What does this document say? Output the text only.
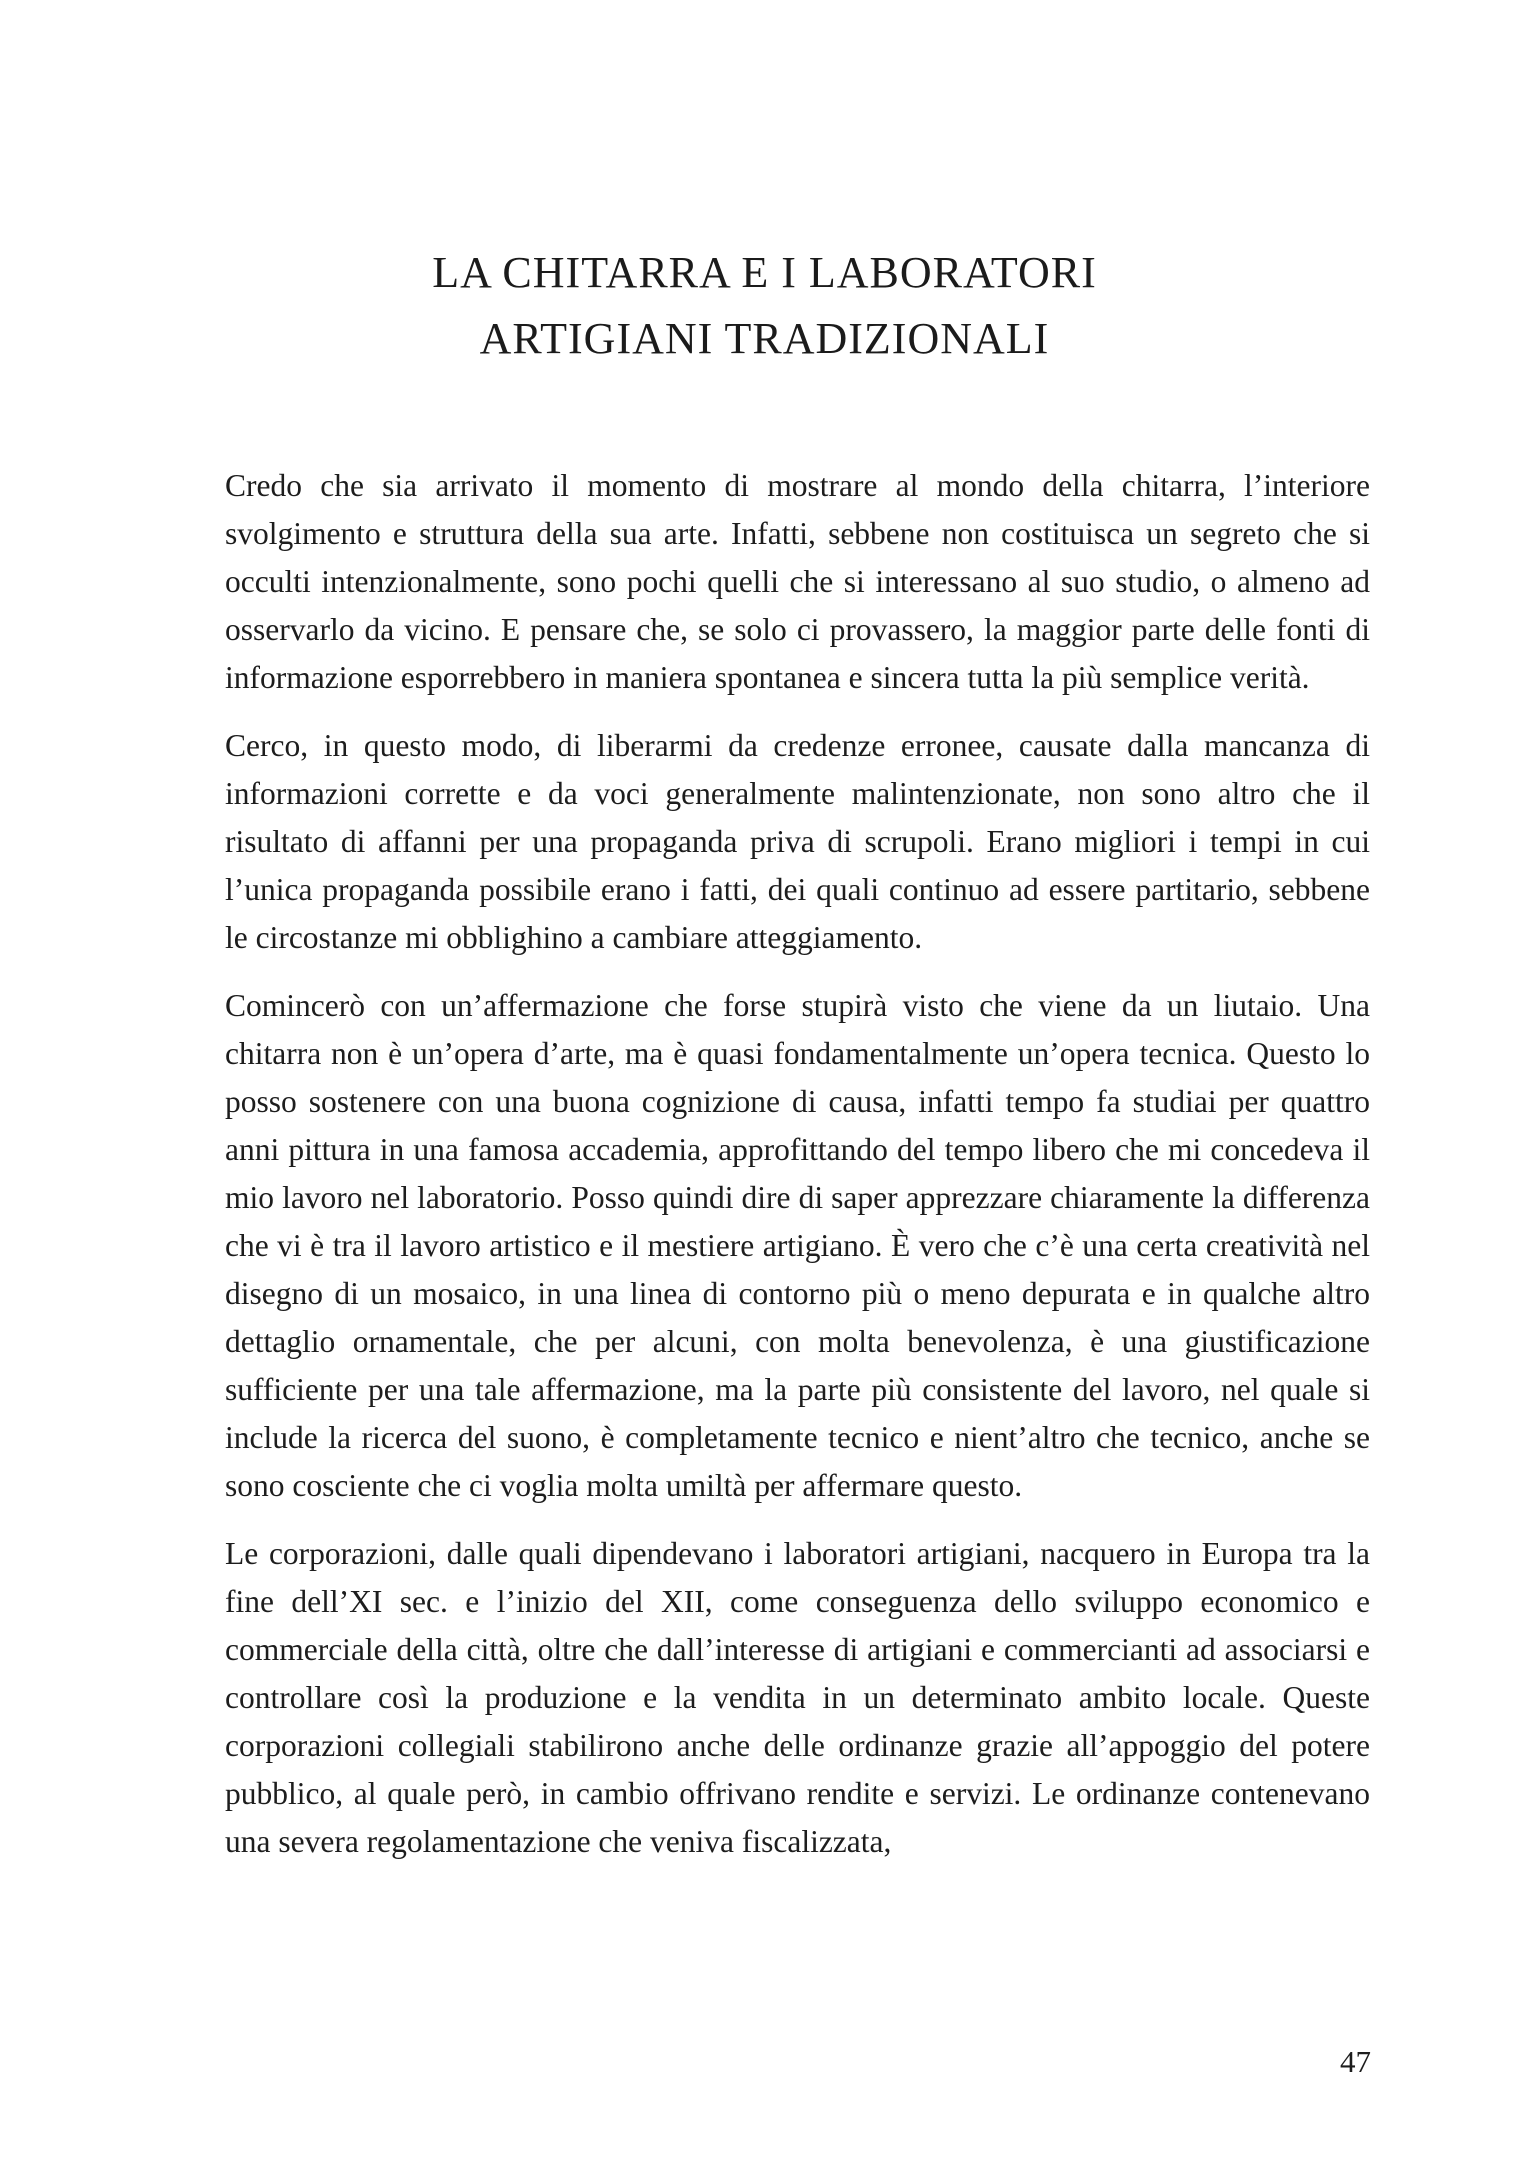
LA CHITARRA E I LABORATORI
ARTIGIANI TRADIZIONALI

Credo che sia arrivato il momento di mostrare al mondo della chitarra, l’interiore svolgimento e struttura della sua arte. Infatti, sebbene non costituisca un segreto che si occulti intenzionalmente, sono pochi quelli che si interessano al suo studio, o almeno ad osservarlo da vicino. E pensare che, se solo ci provassero, la maggior parte delle fonti di informazione esporrebbero in maniera spontanea e sincera tutta la più semplice verità.

Cerco, in questo modo, di liberarmi da credenze erronee, causate dalla mancanza di informazioni corrette e da voci generalmente malintenzionate, non sono altro che il risultato di affanni per una propaganda priva di scrupoli. Erano migliori i tempi in cui l’unica propaganda possibile erano i fatti, dei quali continuo ad essere partitario, sebbene le circostanze mi obblighino a cambiare atteggiamento.

Comincerò con un’affermazione che forse stupirà visto che viene da un liutaio. Una chitarra non è un’opera d’arte, ma è quasi fondamentalmente un’opera tecnica. Questo lo posso sostenere con una buona cognizione di causa, infatti tempo fa studiai per quattro anni pittura in una famosa accademia, approfittando del tempo libero che mi concedeva il mio lavoro nel laboratorio. Posso quindi dire di saper apprezzare chiaramente la differenza che vi è tra il lavoro artistico e il mestiere artigiano. È vero che c’è una certa creatività nel disegno di un mosaico, in una linea di contorno più o meno depurata e in qualche altro dettaglio ornamentale, che per alcuni, con molta benevolenza, è una giustificazione sufficiente per una tale affermazione, ma la parte più consistente del lavoro, nel quale si include la ricerca del suono, è completamente tecnico e nient’altro che tecnico, anche se sono cosciente che ci voglia molta umiltà per affermare questo.

Le corporazioni, dalle quali dipendevano i laboratori artigiani, nacquero in Europa tra la fine dell’XI sec. e l’inizio del XII, come conseguenza dello sviluppo economico e commerciale della città, oltre che dall’interesse di artigiani e commercianti ad associarsi e controllare così la produzione e la vendita in un determinato ambito locale. Queste corporazioni collegiali stabilirono anche delle ordinanze grazie all’appoggio del potere pubblico, al quale però, in cambio offrivano rendite e servizi. Le ordinanze contenevano una severa regolamentazione che veniva fiscalizzata,

47
